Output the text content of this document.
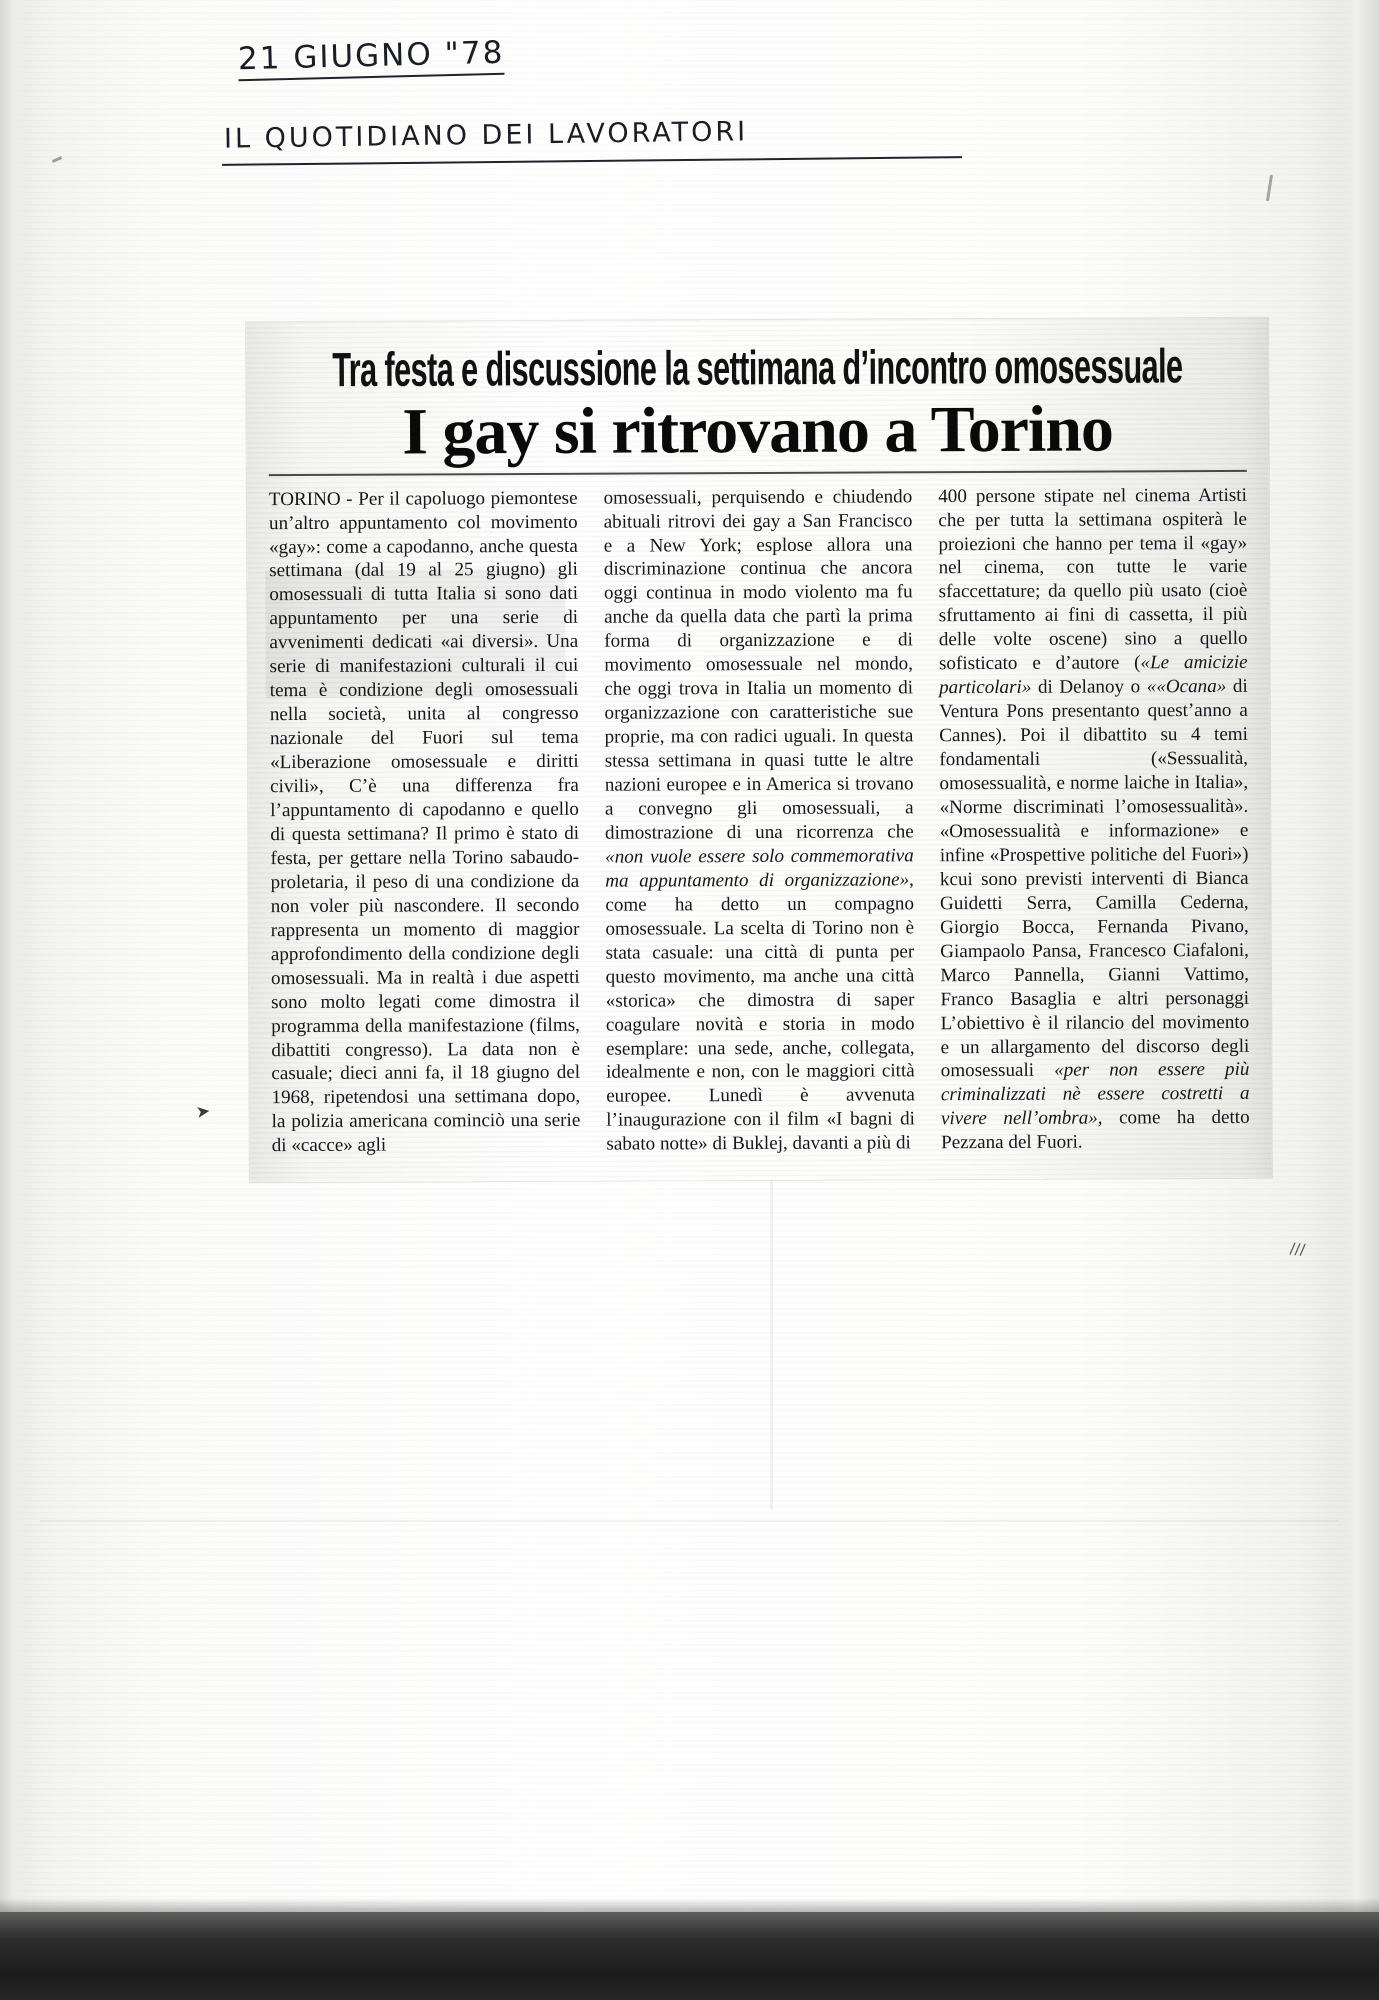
21 GIUGNO "78
IL QUOTIDIANO DEI LAVORATORI
➤
///
Tra festa e discussione la settimana d’incontro omosessuale
I gay si ritrovano a Torino

TORINO - Per il capoluogo piemontese un’altro appuntamento col movimento «gay»: come a capodanno, anche questa settimana (dal 19 al 25 giugno) gli omosessuali di tutta Italia si sono dati appuntamento per una serie di avvenimenti dedicati «ai diversi». Una serie di manifestazioni culturali il cui tema è condizione degli omosessuali nella società, unita al congresso nazionale del Fuori sul tema «Liberazione omosessuale e diritti civili», C’è una differenza fra l’appuntamento di capodanno e quello di questa settimana? Il primo è stato di festa, per gettare nella Torino sabaudo-proletaria, il peso di una condizione da non voler più nascondere. Il secondo rappresenta un momento di maggior approfondimento della condizione degli omosessuali. Ma in realtà i due aspetti sono molto legati come dimostra il programma della manifestazione (films, dibattiti congresso). La data non è casuale; dieci anni fa, il 18 giugno del 1968, ripetendosi una settimana dopo, la polizia americana cominciò una serie di «cacce» agli

omosessuali, perquisendo e chiudendo abituali ritrovi dei gay a San Francisco e a New York; esplose allora una discriminazione continua che ancora oggi continua in modo violento ma fu anche da quella data che partì la prima forma di organizzazione e di movimento omosessuale nel mondo, che oggi trova in Italia un momento di organizzazione con caratteristiche sue proprie, ma con radici uguali. In questa stessa settimana in quasi tutte le altre nazioni europee e in America si trovano a convegno gli omosessuali, a dimostrazione di una ricorrenza che «non vuole essere solo commemorativa ma appuntamento di organizzazione», come ha detto un compagno omosessuale. La scelta di Torino non è stata casuale: una città di punta per questo movimento, ma anche una città «storica» che dimostra di saper coagulare novità e storia in modo esemplare: una sede, anche, collegata, idealmente e non, con le maggiori città europee. Lunedì è avvenuta l’inaugurazione con il film «I bagni di sabato notte» di Buklej, davanti a più di

400 persone stipate nel cinema Artisti che per tutta la settimana ospiterà le proiezioni che hanno per tema il «gay» nel cinema, con tutte le varie sfaccettature; da quello più usato (cioè sfruttamento ai fini di cassetta, il più delle volte oscene) sino a quello sofisticato e d’autore («Le amicizie particolari» di Delanoy o ««Ocana» di Ventura Pons presentanto quest’anno a Cannes). Poi il dibattito su 4 temi fondamentali («Sessualità, omosessualità, e norme laiche in Italia», «Norme discriminati l’omosessualità». «Omosessualità e informazione» e infine «Prospettive politiche del Fuori») kcui sono previsti interventi di Bianca Guidetti Serra, Camilla Cederna, Giorgio Bocca, Fernanda Pivano, Giampaolo Pansa, Francesco Ciafaloni, Marco Pannella, Gianni Vattimo, Franco Basaglia e altri personaggi L’obiettivo è il rilancio del movimento e un allargamento del discorso degli omosessuali «per non essere più criminalizzati nè essere costretti a vivere nell’ombra», come ha detto Pezzana del Fuori.
